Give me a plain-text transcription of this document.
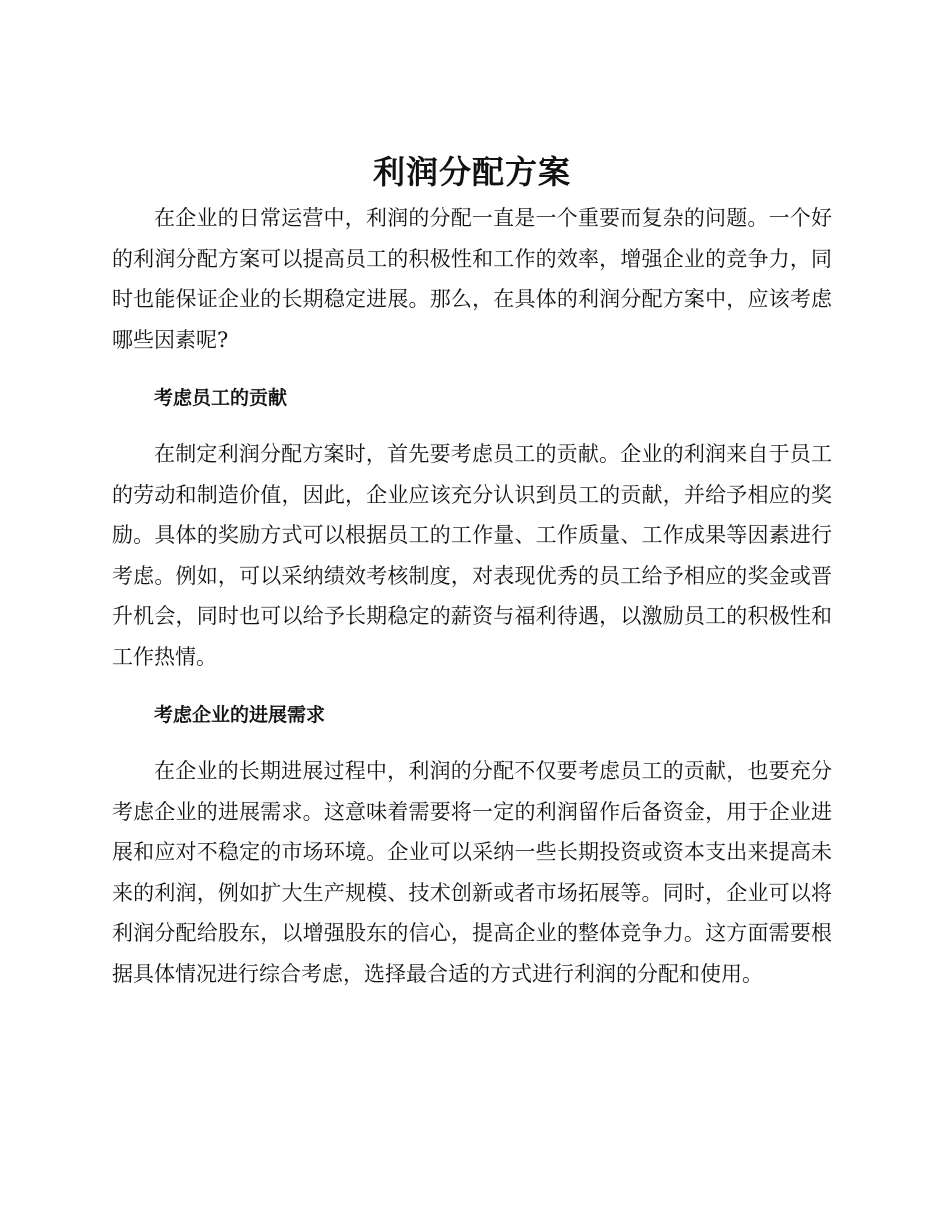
利润分配方案

在企业的日常运营中，利润的分配一直是一个重要而复杂的问题。一个好的利润分配方案可以提高员工的积极性和工作的效率，增强企业的竞争力，同时也能保证企业的长期稳定进展。那么，在具体的利润分配方案中，应该考虑哪些因素呢?

考虑员工的贡献

在制定利润分配方案时，首先要考虑员工的贡献。企业的利润来自于员工的劳动和制造价值，因此，企业应该充分认识到员工的贡献，并给予相应的奖励。具体的奖励方式可以根据员工的工作量、工作质量、工作成果等因素进行考虑。例如，可以采纳绩效考核制度，对表现优秀的员工给予相应的奖金或晋升机会，同时也可以给予长期稳定的薪资与福利待遇，以激励员工的积极性和工作热情。

考虑企业的进展需求

在企业的长期进展过程中，利润的分配不仅要考虑员工的贡献，也要充分考虑企业的进展需求。这意味着需要将一定的利润留作后备资金，用于企业进展和应对不稳定的市场环境。企业可以采纳一些长期投资或资本支出来提高未来的利润，例如扩大生产规模、技术创新或者市场拓展等。同时，企业可以将利润分配给股东，以增强股东的信心，提高企业的整体竞争力。这方面需要根据具体情况进行综合考虑，选择最合适的方式进行利润的分配和使用。
